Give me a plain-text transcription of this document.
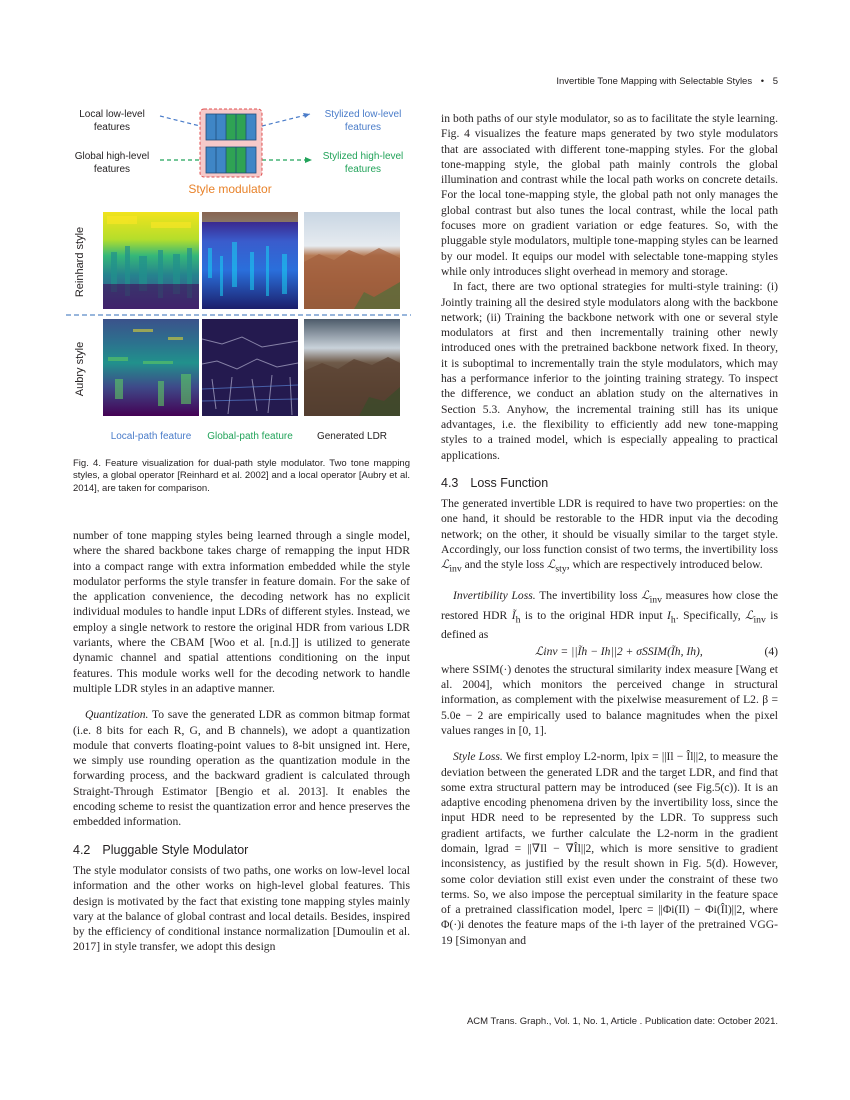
Invertible Tone Mapping with Selectable Styles • 5
Local low-level
features
Global high-level
features
Stylized low-level
features
Stylized high-level
features
Style modulator
Reinhard style
Aubry style
Local-path feature	Global-path feature	Generated LDR
Fig. 4. Feature visualization for dual-path style modulator. Two tone mapping styles, a global operator [Reinhard et al. 2002] and a local operator [Aubry et al. 2014], are taken for comparison.

number of tone mapping styles being learned through a single model, where the shared backbone takes charge of remapping the input HDR into a compact range with extra information embedded while the style modulator performs the style transfer in feature domain. For the sake of the application convenience, the decoding network has no explicit individual modules to handle input LDRs of different styles. Instead, we employ a single network to restore the original HDR from various LDR variants, where the CBAM [Woo et al. [n.d.]] is utilized to generate dynamic channel and spatial attentions conditioning on the input features. This module works well for the decoding network to handle multiple LDR styles in an adaptive manner.

Quantization. To save the generated LDR as common bitmap format (i.e. 8 bits for each R, G, and B channels), we adopt a quantization module that converts floating-point values to 8-bit unsigned int. Here, we simply use rounding operation as the quantization module in the forwarding process, and the backward gradient is calculated through Straight-Through Estimator [Bengio et al. 2013]. It enables the encoding scheme to resist the quantization error and hence preserves the embedded information.

4.2 Pluggable Style Modulator

The style modulator consists of two paths, one works on low-level local information and the other works on high-level global features. This design is motivated by the fact that existing tone mapping styles mainly vary at the balance of global contrast and local details. Besides, inspired by the efficiency of conditional instance normalization [Dumoulin et al. 2017] in style transfer, we adopt this design

in both paths of our style modulator, so as to facilitate the style learning. Fig. 4 visualizes the feature maps generated by two style modulators that are associated with different tone-mapping styles. For the global tone-mapping style, the global path mainly controls the global illumination and contrast while the local path works on concrete details. For the local tone-mapping style, the global path not only manages the global contrast but also tunes the local contrast, while the local path focuses more on gradient variation or edge features. So, with the pluggable style modulators, multiple tone-mapping styles can be learned by our model. It equips our model with selectable tone-mapping styles while only introduces slight overhead in memory and storage.

In fact, there are two optional strategies for multi-style training: (i) Jointly training all the desired style modulators along with the backbone network; (ii) Training the backbone network with one or several style modulators at first and then incrementally training other newly introduced ones with the pretrained backbone network fixed. In theory, it is suboptimal to incrementally train the style modulators, which may has a performance inferior to the jointing training strategy. To inspect the difference, we conduct an ablation study on the alternatives in Section 5.3. Anyhow, the incremental training still has its unique advantages, i.e. the flexibility to efficiently add new tone-mapping styles to a trained model, which is especially appealing to practical applications.

4.3 Loss Function

The generated invertible LDR is required to have two properties: on the one hand, it should be restorable to the HDR input via the decoding network; on the other, it should be visually similar to the target style. Accordingly, our loss function consist of two terms, the invertibility loss ℒ$_{inv}$ and the style loss ℒ$_{sty}$, which are respectively introduced below.

Invertibility Loss. The invertibility loss ℒ$_{inv}$ measures how close the restored HDR $Ĩ_h$ is to the original HDR input $I_h$. Specifically, ℒ$_{inv}$ is defined as

ℒinv = ||Ĩh − Ih||2 + σSSIM(Ĩh, Ih),	(4)

where SSIM(·) denotes the structural similarity index measure [Wang et al. 2004], which monitors the perceived change in structural information, as complement with the pixelwise measurement of L2. β = 5.0e − 2 are empirically used to balance magnitudes when the pixel values ranges in [0, 1].

Style Loss. We first employ L2-norm, lpix = ||Il − Îl||2, to measure the deviation between the generated LDR and the target LDR, and find that some extra structural pattern may be introduced (see Fig.5(c)). It is an adaptive encoding phenomena driven by the invertibility loss, since the input HDR need to be represented by the LDR. To suppress such gradient artifacts, we further calculate the L2-norm in the gradient domain, lgrad = ||∇Il − ∇Îl||2, which is more sensitive to gradient inconsistency, as justified by the result shown in Fig. 5(d). However, some color deviation still exist even under the constraint of these two terms. So, we also impose the perceptual similarity in the feature space of a pretrained classification model, lperc = ||Φi(Il) − Φi(Îl)||2, where Φ(·)i denotes the feature maps of the i-th layer of the pretrained VGG-19 [Simonyan and

ACM Trans. Graph., Vol. 1, No. 1, Article . Publication date: October 2021.
